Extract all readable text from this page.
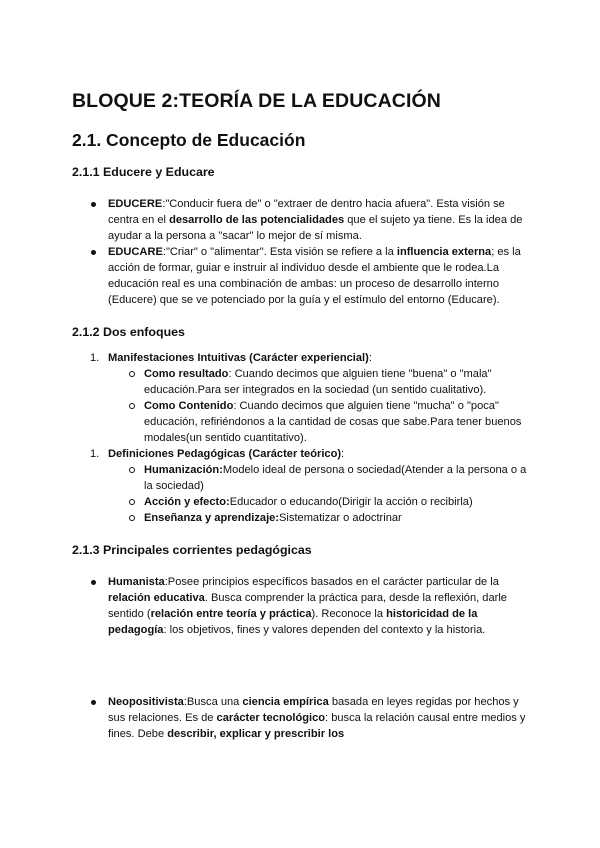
BLOQUE 2:TEORÍA DE LA EDUCACIÓN
2.1. Concepto de Educación
2.1.1 Educere y Educare
EDUCERE:"Conducir fuera de" o "extraer de dentro hacia afuera". Esta visión se centra en el desarrollo de las potencialidades que el sujeto ya tiene. Es la idea de ayudar a la persona a "sacar" lo mejor de sí misma.
EDUCARE:"Criar" o "alimentar". Esta visión se refiere a la influencia externa; es la acción de formar, guiar e instruir al individuo desde el ambiente que le rodea.La educación real es una combinación de ambas: un proceso de desarrollo interno (Educere) que se ve potenciado por la guía y el estímulo del entorno (Educare).
2.1.2 Dos enfoques
1. Manifestaciones Intuitivas (Carácter experiencial):
Como resultado: Cuando decimos que alguien tiene "buena" o "mala" educación.Para ser integrados en la sociedad (un sentido cualitativo).
Como Contenido: Cuando decimos que alguien tiene "mucha" o "poca" educación, refiriéndonos a la cantidad de cosas que sabe.Para tener buenos modales(un sentido cuantitativo).
1. Definiciones Pedagógicas (Carácter teórico):
Humanización:Modelo ideal de persona o sociedad(Atender a la persona o a la sociedad)
Acción y efecto:Educador o educando(Dirigir la acción o recibirla)
Enseñanza y aprendizaje:Sistematizar o adoctrinar
2.1.3 Principales corrientes pedagógicas
Humanista:Posee principios específicos basados en el carácter particular de la relación educativa. Busca comprender la práctica para, desde la reflexión, darle sentido (relación entre teoría y práctica). Reconoce la historicidad de la pedagogía: los objetivos, fines y valores dependen del contexto y la historia.
Neopositivista:Busca una ciencia empírica basada en leyes regidas por hechos y sus relaciones. Es de carácter tecnológico: busca la relación causal entre medios y fines. Debe describir, explicar y prescribir los
